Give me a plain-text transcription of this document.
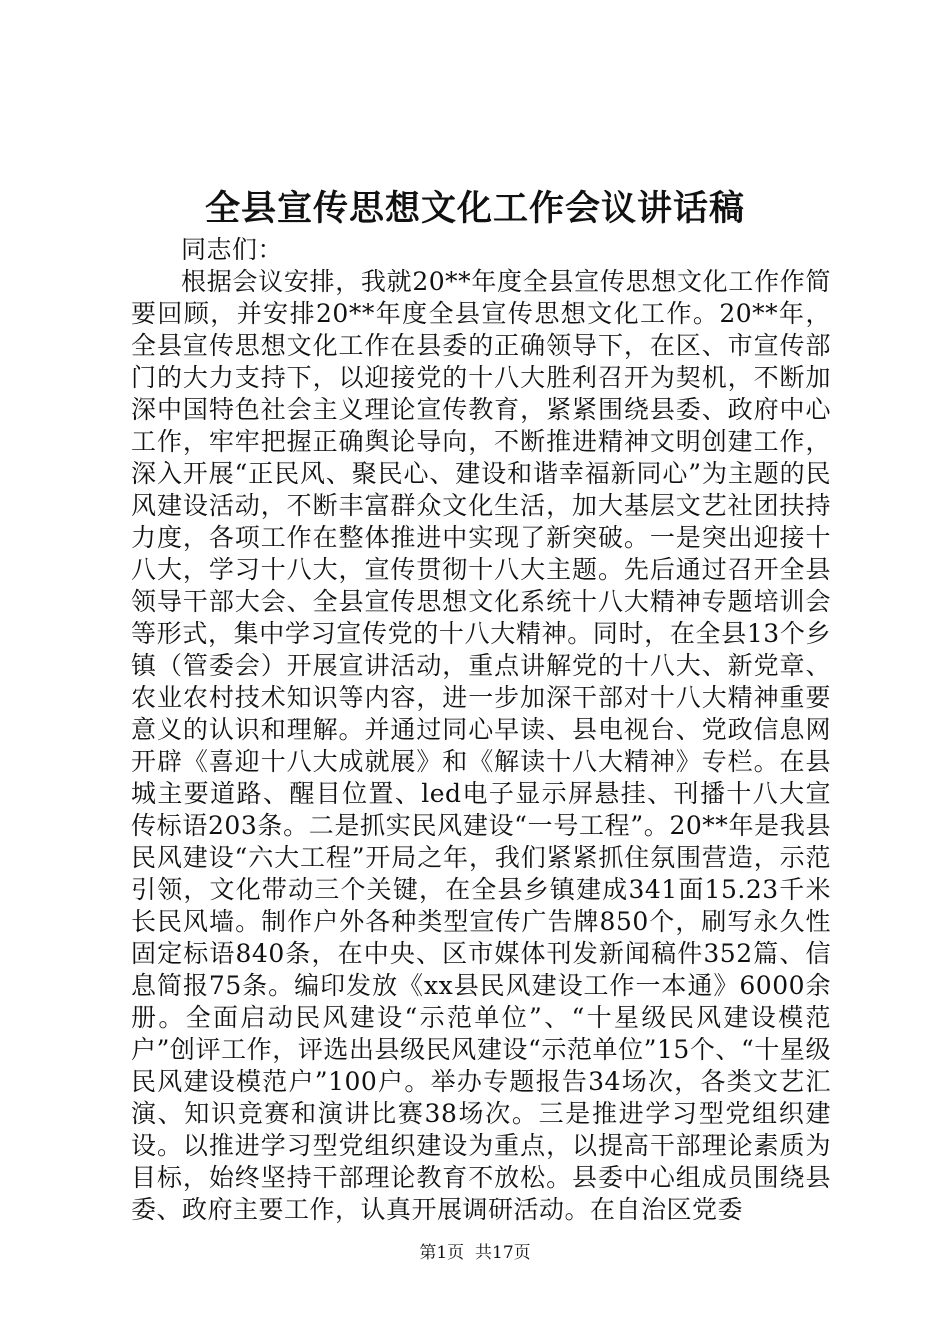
全县宣传思想文化工作会议讲话稿

同志们：

根据会议安排，我就20**年度全县宣传思想文化工作作简要回顾，并安排20**年度全县宣传思想文化工作。20**年，全县宣传思想文化工作在县委的正确领导下，在区、市宣传部门的大力支持下，以迎接党的十八大胜利召开为契机，不断加深中国特色社会主义理论宣传教育，紧紧围绕县委、政府中心工作，牢牢把握正确舆论导向，不断推进精神文明创建工作，深入开展“正民风、聚民心、建设和谐幸福新同心”为主题的民风建设活动，不断丰富群众文化生活，加大基层文艺社团扶持力度，各项工作在整体推进中实现了新突破。一是突出迎接十八大，学习十八大，宣传贯彻十八大主题。先后通过召开全县领导干部大会、全县宣传思想文化系统十八大精神专题培训会等形式，集中学习宣传党的十八大精神。同时，在全县13个乡镇（管委会）开展宣讲活动，重点讲解党的十八大、新党章、农业农村技术知识等内容，进一步加深干部对十八大精神重要意义的认识和理解。并通过同心早读、县电视台、党政信息网开辟《喜迎十八大成就展》和《解读十八大精神》专栏。在县城主要道路、醒目位置、led电子显示屏悬挂、刊播十八大宣传标语203条。二是抓实民风建设“一号工程”。20**年是我县民风建设“六大工程”开局之年，我们紧紧抓住氛围营造，示范引领，文化带动三个关键，在全县乡镇建成341面15.23千米长民风墙。制作户外各种类型宣传广告牌850个，刷写永久性固定标语840条，在中央、区市媒体刊发新闻稿件352篇、信息简报75条。编印发放《xx县民风建设工作一本通》6000余册。全面启动民风建设“示范单位”、“十星级民风建设模范户”创评工作，评选出县级民风建设“示范单位”15个、“十星级民风建设模范户”100户。举办专题报告34场次，各类文艺汇演、知识竞赛和演讲比赛38场次。三是推进学习型党组织建设。以推进学习型党组织建设为重点，以提高干部理论素质为目标，始终坚持干部理论教育不放松。县委中心组成员围绕县委、政府主要工作，认真开展调研活动。在自治区党委

第1页 共17页
